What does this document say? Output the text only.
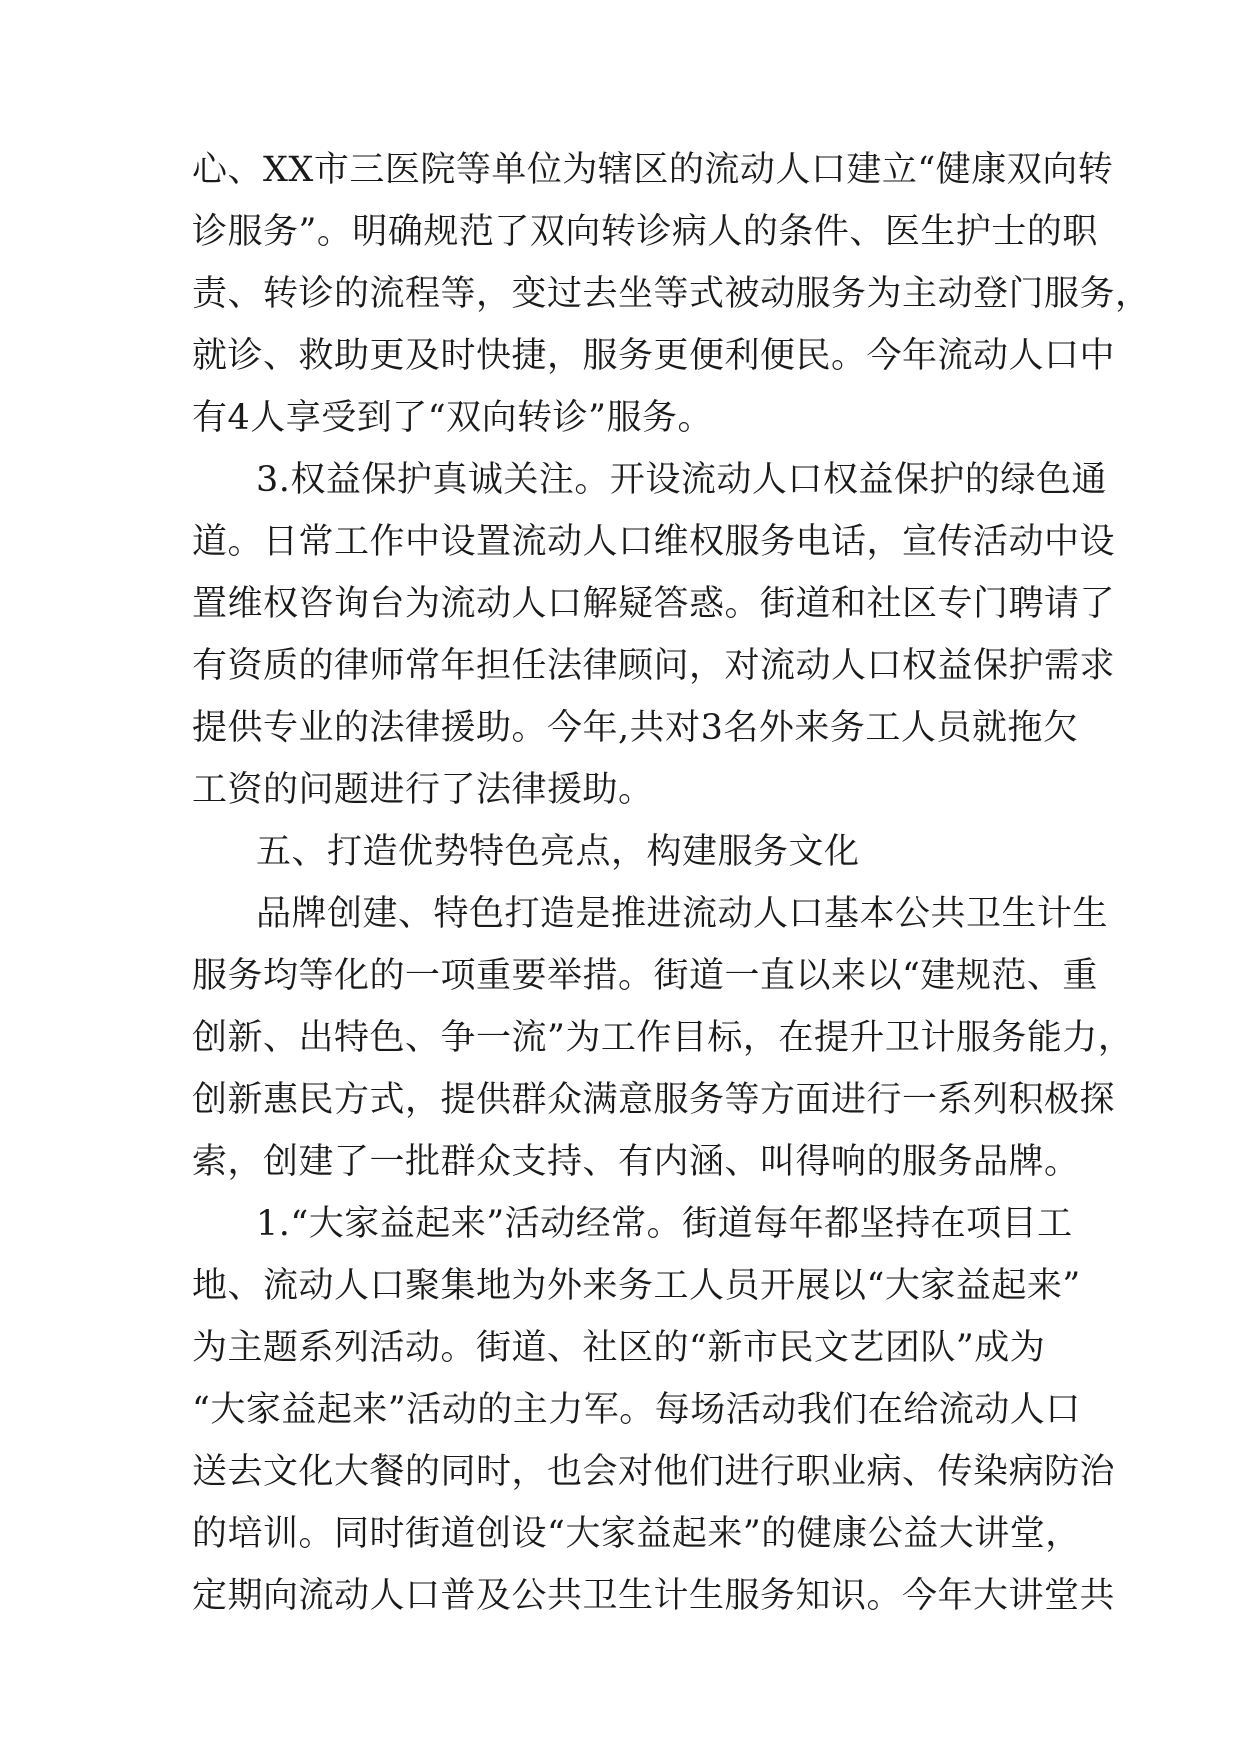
心、XX市三医院等单位为辖区的流动人口建立“健康双向转
诊服务”。明确规范了双向转诊病人的条件、医生护士的职
责、转诊的流程等，变过去坐等式被动服务为主动登门服务，
就诊、救助更及时快捷，服务更便利便民。今年流动人口中
有4人享受到了“双向转诊”服务。
3.权益保护真诚关注。开设流动人口权益保护的绿色通
道。日常工作中设置流动人口维权服务电话，宣传活动中设
置维权咨询台为流动人口解疑答惑。街道和社区专门聘请了
有资质的律师常年担任法律顾问，对流动人口权益保护需求
提供专业的法律援助。今年,共对3名外来务工人员就拖欠
工资的问题进行了法律援助。
五、打造优势特色亮点，构建服务文化
品牌创建、特色打造是推进流动人口基本公共卫生计生
服务均等化的一项重要举措。街道一直以来以“建规范、重
创新、出特色、争一流”为工作目标，在提升卫计服务能力，
创新惠民方式，提供群众满意服务等方面进行一系列积极探
索，创建了一批群众支持、有内涵、叫得响的服务品牌。
1.“大家益起来”活动经常。街道每年都坚持在项目工
地、流动人口聚集地为外来务工人员开展以“大家益起来”
为主题系列活动。街道、社区的“新市民文艺团队”成为
“大家益起来”活动的主力军。每场活动我们在给流动人口
送去文化大餐的同时，也会对他们进行职业病、传染病防治
的培训。同时街道创设“大家益起来”的健康公益大讲堂，
定期向流动人口普及公共卫生计生服务知识。今年大讲堂共
